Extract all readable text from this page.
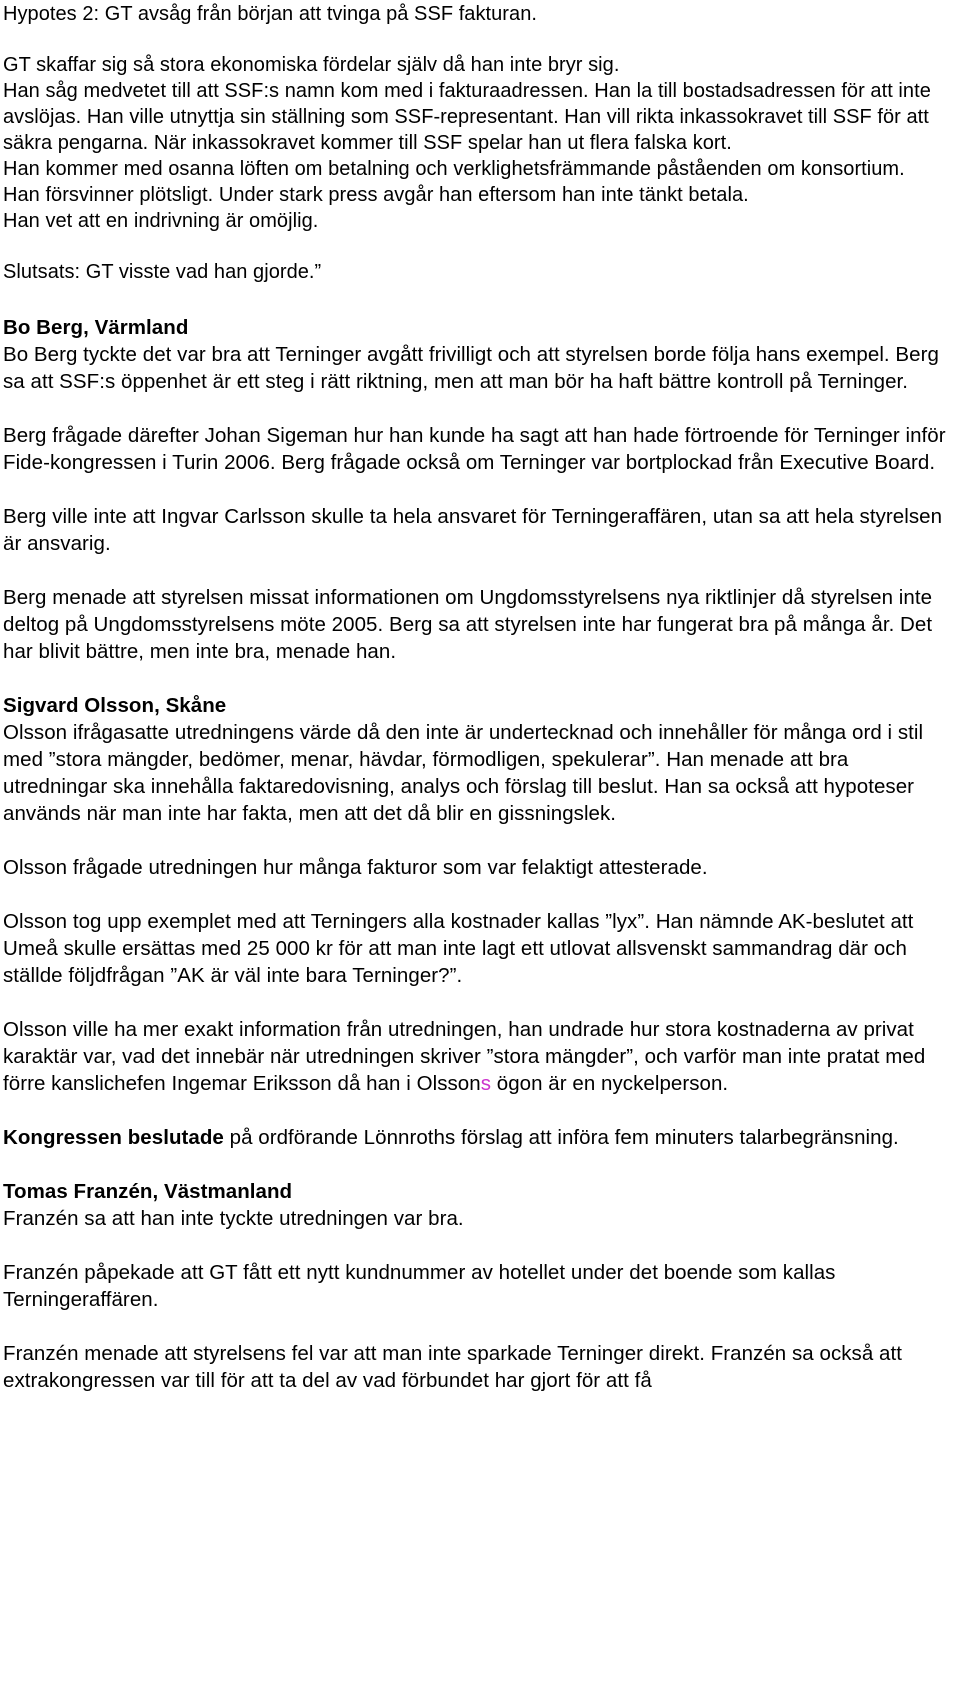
Hypotes 2: GT avsåg från början att tvinga på SSF fakturan.
GT skaffar sig så stora ekonomiska fördelar själv då han inte bryr sig.
Han såg medvetet till att SSF:s namn kom med i fakturaadressen. Han la till bostadsadressen för att inte avslöjas. Han ville utnyttja sin ställning som SSF-representant. Han vill rikta inkassokravet till SSF för att säkra pengarna. När inkassokravet kommer till SSF spelar han ut flera falska kort.
Han kommer med osanna löften om betalning och verklighetsfrämmande påståenden om konsortium.
Han försvinner plötsligt. Under stark press avgår han eftersom han inte tänkt betala.
Han vet att en indrivning är omöjlig.
Slutsats: GT visste vad han gjorde.”
Bo Berg, Värmland

Bo Berg tyckte det var bra att Terninger avgått frivilligt och att styrelsen borde följa hans exempel. Berg sa att SSF:s öppenhet är ett steg i rätt riktning, men att man bör ha haft bättre kontroll på Terninger.

Berg frågade därefter Johan Sigeman hur han kunde ha sagt att han hade förtroende för Terninger inför Fide-kongressen i Turin 2006. Berg frågade också om Terninger var bortplockad från Executive Board.

Berg ville inte att Ingvar Carlsson skulle ta hela ansvaret för Terningeraffären, utan sa att hela styrelsen är ansvarig.

Berg menade att styrelsen missat informationen om Ungdomsstyrelsens nya riktlinjer då styrelsen inte deltog på Ungdomsstyrelsens möte 2005. Berg sa att styrelsen inte har fungerat bra på många år. Det har blivit bättre, men inte bra, menade han.

Sigvard Olsson, Skåne

Olsson ifrågasatte utredningens värde då den inte är undertecknad och innehåller för många ord i stil med ”stora mängder, bedömer, menar, hävdar, förmodligen, spekulerar”. Han menade att bra utredningar ska innehålla faktaredovisning, analys och förslag till beslut. Han sa också att hypoteser används när man inte har fakta, men att det då blir en gissningslek.

Olsson frågade utredningen hur många fakturor som var felaktigt attesterade.

Olsson tog upp exemplet med att Terningers alla kostnader kallas ”lyx”. Han nämnde AK-beslutet att Umeå skulle ersättas med 25 000 kr för att man inte lagt ett utlovat allsvenskt sammandrag där och ställde följdfrågan ”AK är väl inte bara Terninger?”.

Olsson ville ha mer exakt information från utredningen, han undrade hur stora kostnaderna av privat karaktär var, vad det innebär när utredningen skriver ”stora mängder”, och varför man inte pratat med förre kanslichefen Ingemar Eriksson då han i Olssons ögon är en nyckelperson.

Kongressen beslutade på ordförande Lönnroths förslag att införa fem minuters talarbegränsning.

Tomas Franzén, Västmanland

Franzén sa att han inte tyckte utredningen var bra.

Franzén påpekade att GT fått ett nytt kundnummer av hotellet under det boende som kallas Terningeraffären.

Franzén menade att styrelsens fel var att man inte sparkade Terninger direkt. Franzén sa också att extrakongressen var till för att ta del av vad förbundet har gjort för att få
